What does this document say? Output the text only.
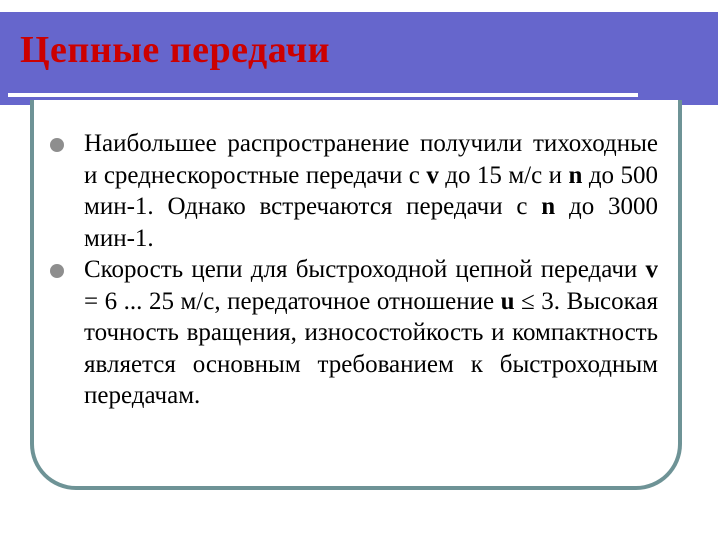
Цепные передачи
Наибольшее распространение получили тихоходные и среднескоростные передачи с v до 15 м/с и n до 500 мин-1. Однако встречаются передачи с n до 3000 мин-1.
Скорость цепи для быстроходной цепной передачи v = 6 ... 25 м/с, передаточное отношение u ≤ 3. Высокая точность вращения, износостойкость и компактность является основным требованием к быстроходным передачам.
